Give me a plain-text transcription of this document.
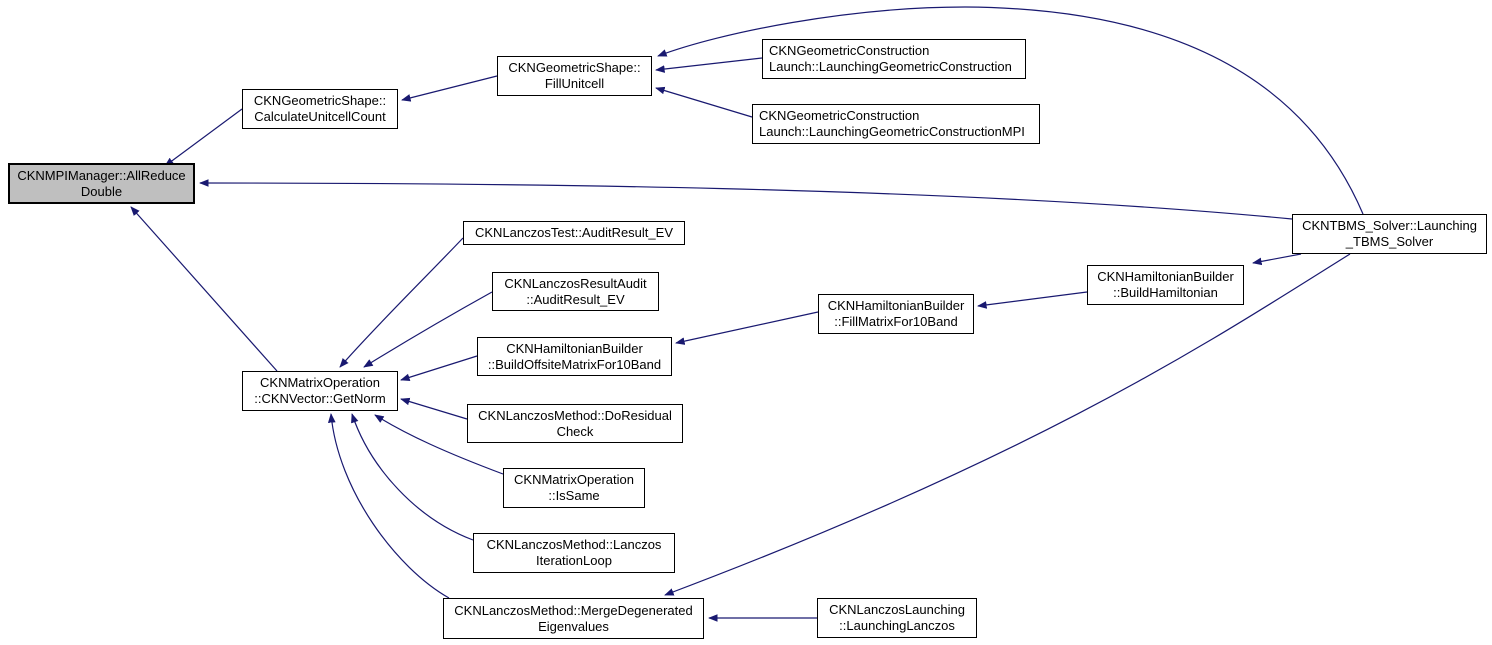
CKNMPIManager::AllReduce
Double
CKNGeometricShape::
CalculateUnitcellCount
CKNGeometricShape::
FillUnitcell
CKNGeometricConstruction
Launch::LaunchingGeometricConstruction
CKNGeometricConstruction
Launch::LaunchingGeometricConstructionMPI
CKNLanczosTest::AuditResult_EV
CKNLanczosResultAudit
::AuditResult_EV	CKNHamiltonianBuilder
::FillMatrixFor10Band
CKNHamiltonianBuilder
::BuildHamiltonian
CKNTBMS_Solver::Launching
_TBMS_Solver
CKNHamiltonianBuilder
::BuildOffsiteMatrixFor10Band
CKNMatrixOperation
::CKNVector::GetNorm
CKNLanczosMethod::DoResidual
Check
CKNMatrixOperation
::IsSame
CKNLanczosMethod::Lanczos
IterationLoop
CKNLanczosMethod::MergeDegenerated
Eigenvalues
CKNLanczosLaunching
::LaunchingLanczos
